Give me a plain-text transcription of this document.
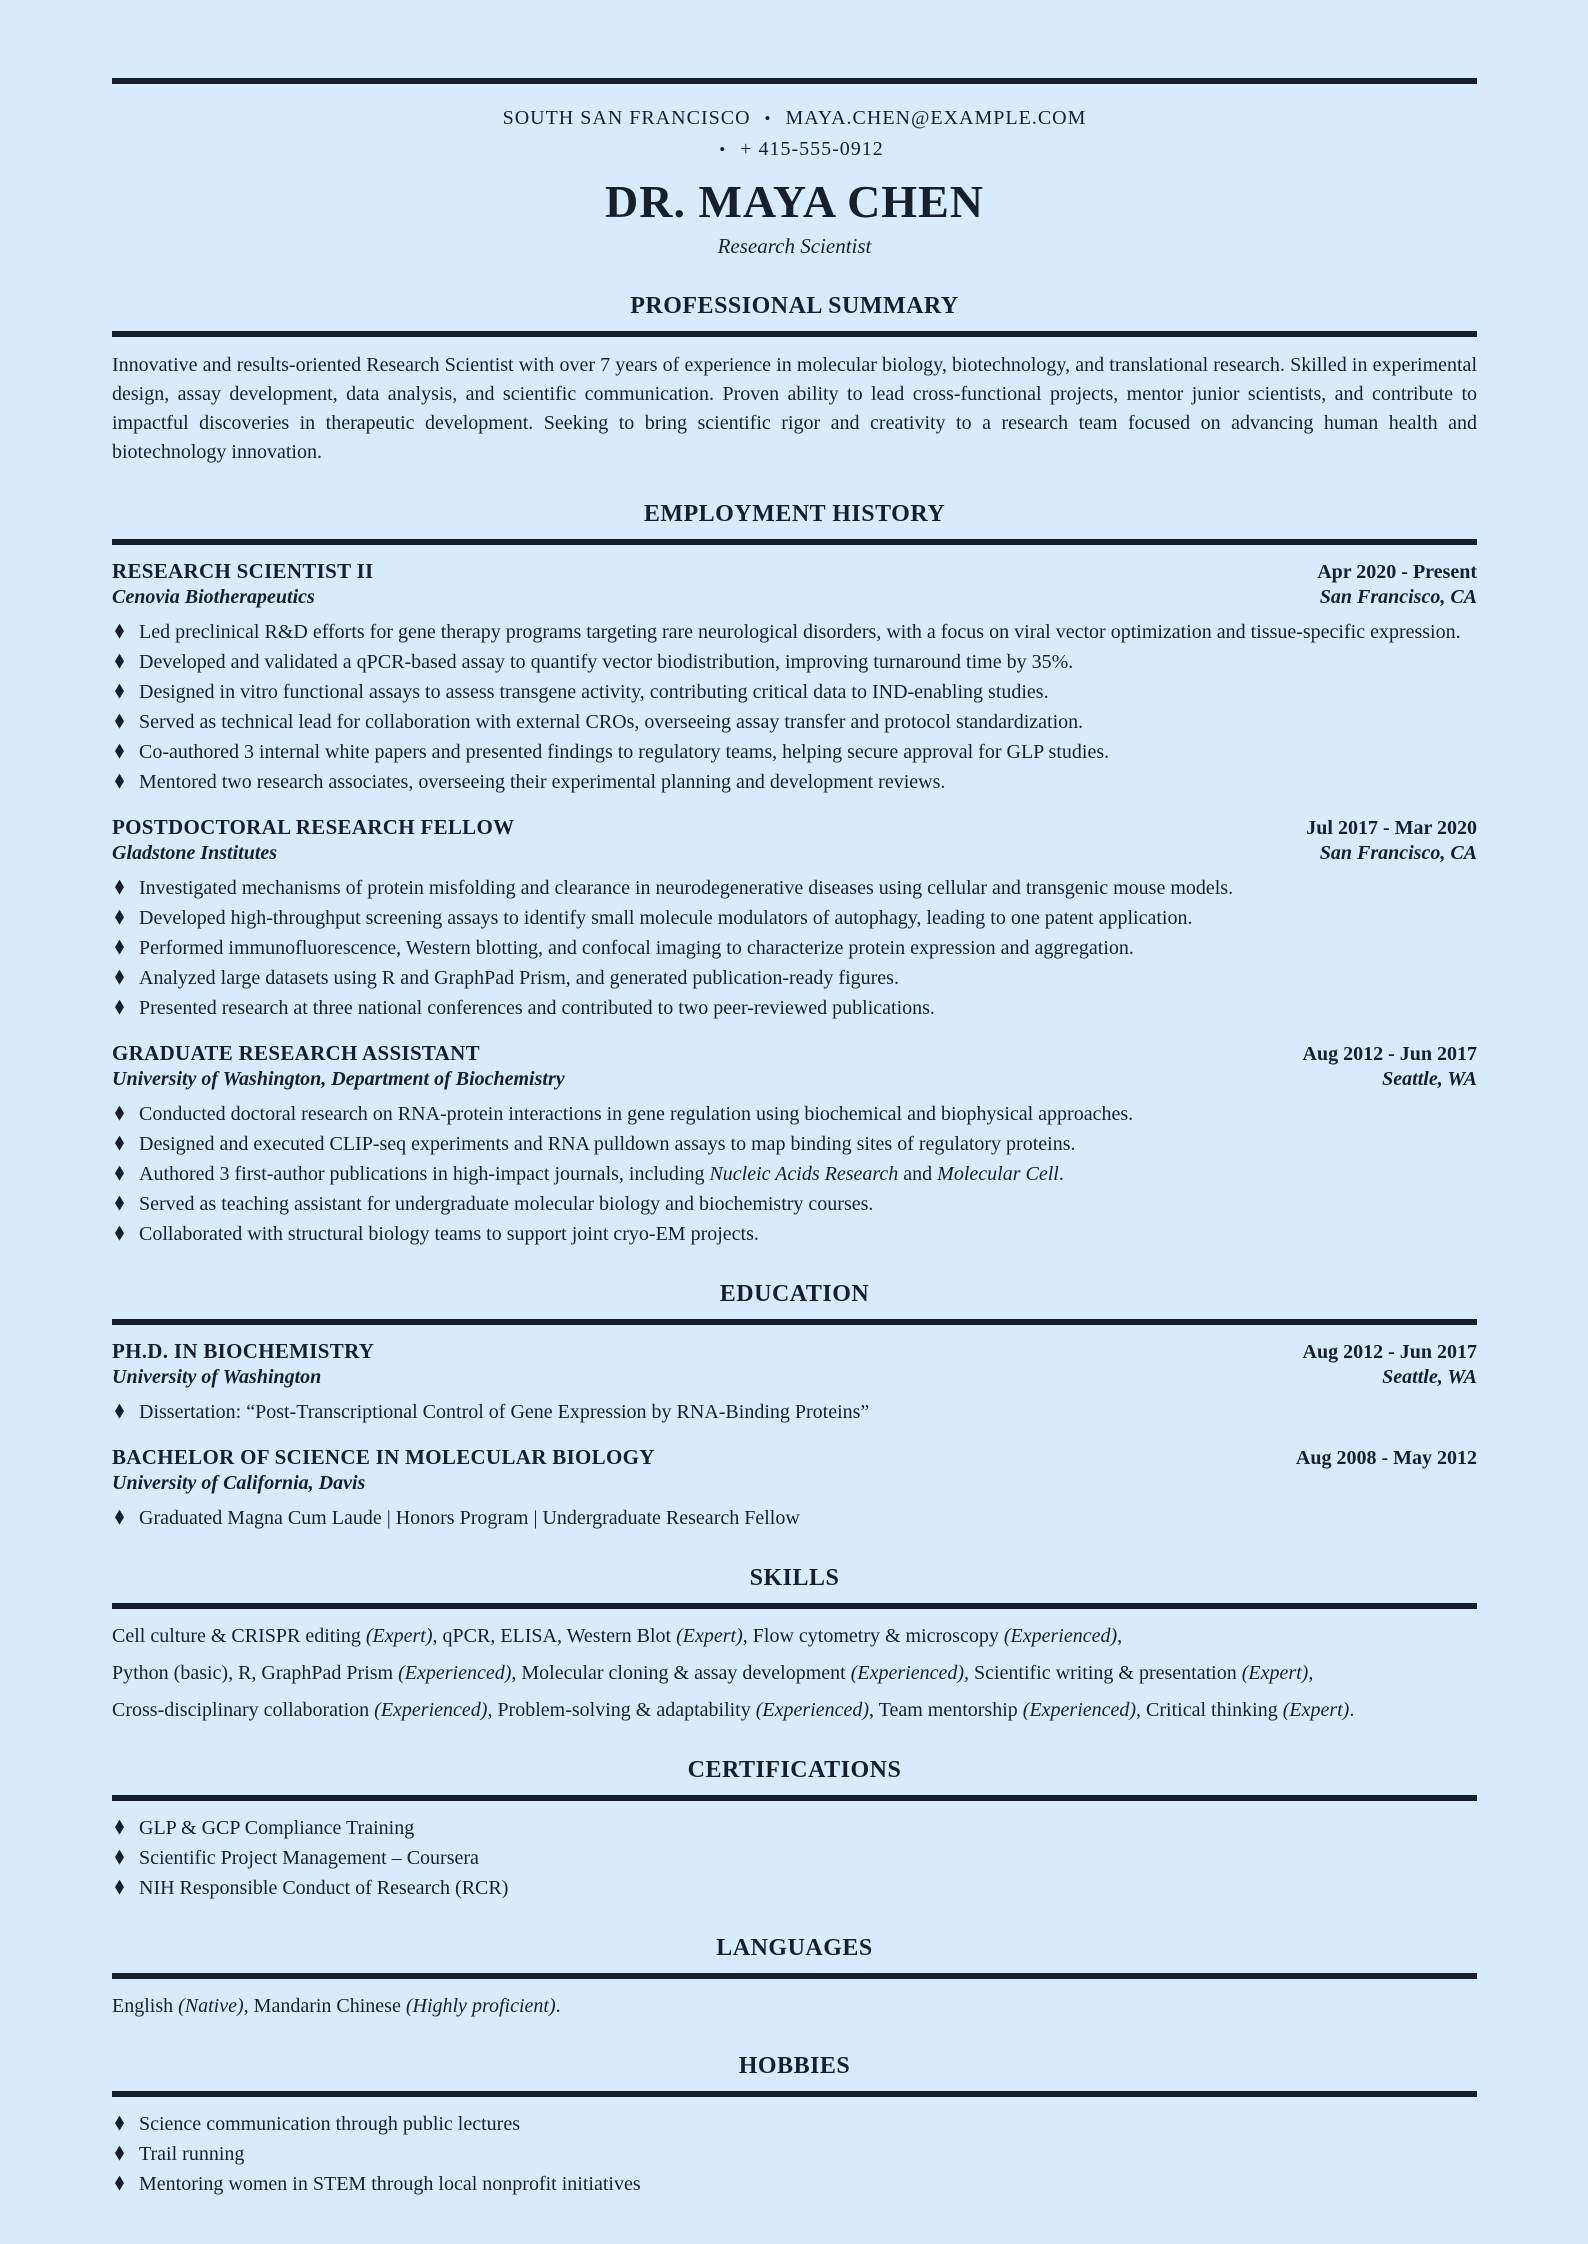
SOUTH SAN FRANCISCO • MAYA.CHEN@EXAMPLE.COM
• + 415-555-0912
DR. MAYA CHEN
Research Scientist
PROFESSIONAL SUMMARY

Innovative and results-oriented Research Scientist with over 7 years of experience in molecular biology, biotechnology, and translational research. Skilled in experimental design, assay development, data analysis, and scientific communication. Proven ability to lead cross-functional projects, mentor junior scientists, and contribute to impactful discoveries in therapeutic development. Seeking to bring scientific rigor and creativity to a research team focused on advancing human health and biotechnology innovation.

EMPLOYMENT HISTORY
RESEARCH SCIENTIST II	Apr 2020 - Present
Cenovia Biotherapeutics	San Francisco, CA
Led preclinical R&D efforts for gene therapy programs targeting rare neurological disorders, with a focus on viral vector optimization and tissue-specific expression.
Developed and validated a qPCR-based assay to quantify vector biodistribution, improving turnaround time by 35%.
Designed in vitro functional assays to assess transgene activity, contributing critical data to IND-enabling studies.
Served as technical lead for collaboration with external CROs, overseeing assay transfer and protocol standardization.
Co-authored 3 internal white papers and presented findings to regulatory teams, helping secure approval for GLP studies.
Mentored two research associates, overseeing their experimental planning and development reviews.
POSTDOCTORAL RESEARCH FELLOW	Jul 2017 - Mar 2020
Gladstone Institutes	San Francisco, CA
Investigated mechanisms of protein misfolding and clearance in neurodegenerative diseases using cellular and transgenic mouse models.
Developed high-throughput screening assays to identify small molecule modulators of autophagy, leading to one patent application.
Performed immunofluorescence, Western blotting, and confocal imaging to characterize protein expression and aggregation.
Analyzed large datasets using R and GraphPad Prism, and generated publication-ready figures.
Presented research at three national conferences and contributed to two peer-reviewed publications.
GRADUATE RESEARCH ASSISTANT	Aug 2012 - Jun 2017
University of Washington, Department of Biochemistry	Seattle, WA
Conducted doctoral research on RNA-protein interactions in gene regulation using biochemical and biophysical approaches.
Designed and executed CLIP-seq experiments and RNA pulldown assays to map binding sites of regulatory proteins.
Authored 3 first-author publications in high-impact journals, including Nucleic Acids Research and Molecular Cell.
Served as teaching assistant for undergraduate molecular biology and biochemistry courses.
Collaborated with structural biology teams to support joint cryo-EM projects.
EDUCATION
PH.D. IN BIOCHEMISTRY	Aug 2012 - Jun 2017
University of Washington	Seattle, WA
Dissertation: “Post-Transcriptional Control of Gene Expression by RNA-Binding Proteins”
BACHELOR OF SCIENCE IN MOLECULAR BIOLOGY	Aug 2008 - May 2012
University of California, Davis
Graduated Magna Cum Laude | Honors Program | Undergraduate Research Fellow
SKILLS

Cell culture & CRISPR editing (Expert), qPCR, ELISA, Western Blot (Expert), Flow cytometry & microscopy (Experienced),

Python (basic), R, GraphPad Prism (Experienced), Molecular cloning & assay development (Experienced), Scientific writing & presentation (Expert),

Cross-disciplinary collaboration (Experienced), Problem-solving & adaptability (Experienced), Team mentorship (Experienced), Critical thinking (Expert).

CERTIFICATIONS
GLP & GCP Compliance Training
Scientific Project Management – Coursera
NIH Responsible Conduct of Research (RCR)
LANGUAGES

English (Native), Mandarin Chinese (Highly proficient).

HOBBIES
Science communication through public lectures
Trail running
Mentoring women in STEM through local nonprofit initiatives
